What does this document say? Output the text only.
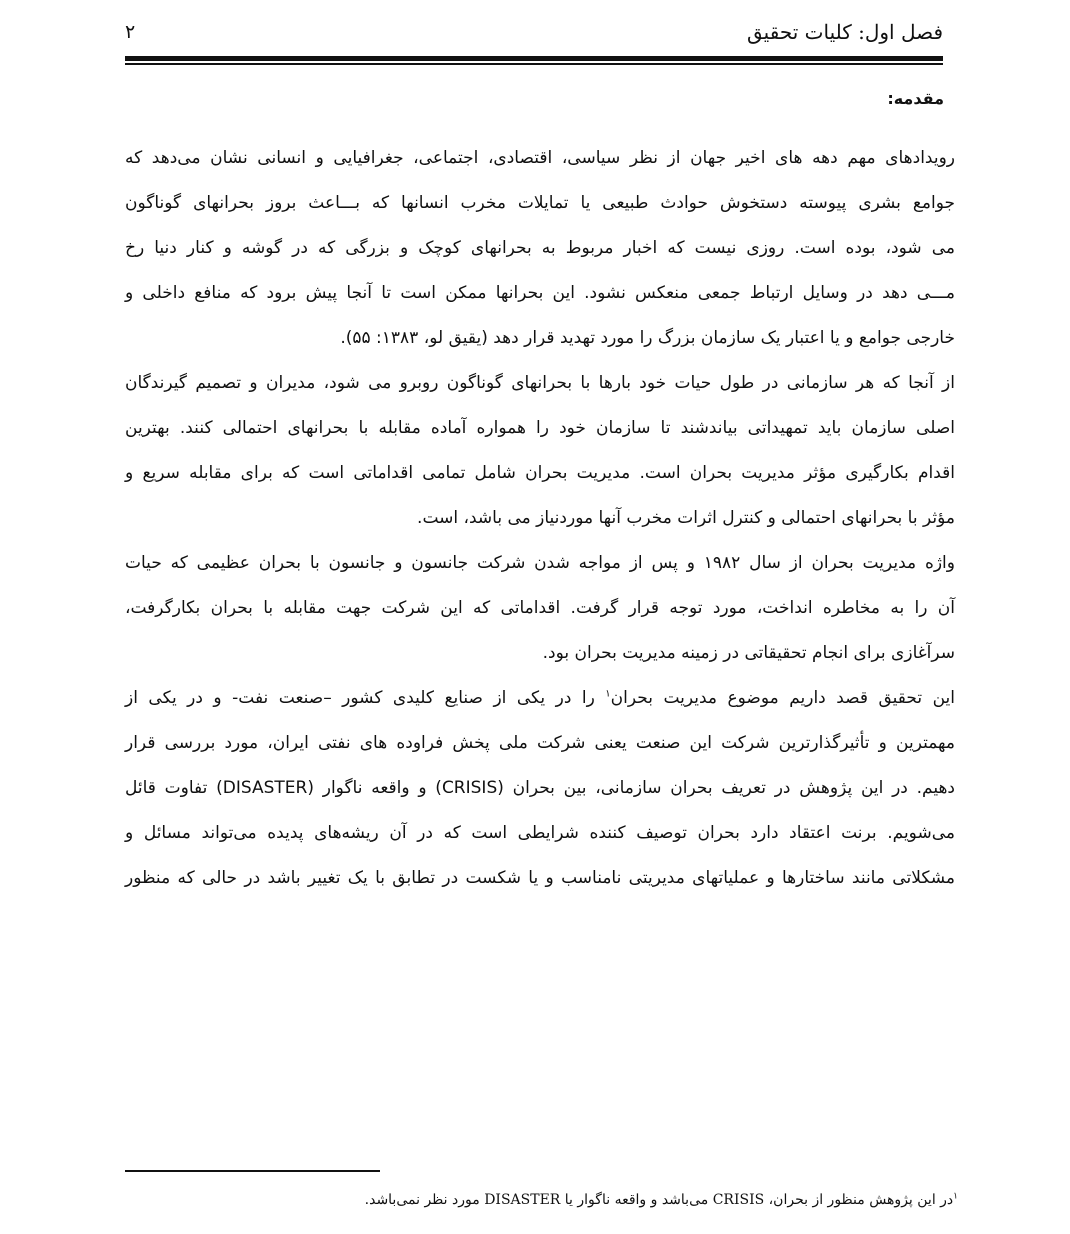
فصل اول: کلیات تحقیق
۲
مقدمه:
رویدادهای مهم دهه های اخیر جهان از نظر سیاسی، اقتصادی، اجتماعی، جغرافیایی و انسانی نشان می‌دهد که
جوامع بشری پیوسته دستخوش حوادث طبیعی یا تمایلات مخرب انسانها که بـــاعث بروز بحرانهای گوناگون
می شود، بوده است. روزی نیست که اخبار مربوط به بحرانهای کوچک و بزرگی که در گوشه و کنار دنیا رخ
مـــی دهد در وسایل ارتباط جمعی منعکس نشود. این بحرانها ممکن است تا آنجا پیش برود که منافع داخلی و
خارجی جوامع و یا اعتبار یک سازمان بزرگ را مورد تهدید قرار دهد (یقیق لو، ۱۳۸۳: ۵۵).
از آنجا که هر سازمانی در طول حیات خود بارها با بحرانهای گوناگون روبرو می شود، مدیران و تصمیم گیرندگان
اصلی سازمان باید تمهیداتی بیاندشند تا سازمان خود را همواره آماده مقابله با بحرانهای احتمالی کنند. بهترین
اقدام بکارگیری مؤثر مدیریت بحران است. مدیریت بحران شامل تمامی اقداماتی است که برای مقابله سریع و
مؤثر با بحرانهای احتمالی و کنترل اثرات مخرب آنها موردنیاز می باشد، است.
واژه مدیریت بحران از سال ۱۹۸۲ و پس از مواجه شدن شرکت جانسون و جانسون با بحران عظیمی که حیات
آن را به مخاطره انداخت، مورد توجه قرار گرفت. اقداماتی که این شرکت جهت مقابله با بحران بکارگرفت،
سرآغازی برای انجام تحقیقاتی در زمینه مدیریت بحران بود.
این تحقیق قصد داریم موضوع مدیریت بحران$^۱$ را در یکی از صنایع کلیدی کشور –صنعت نفت- و در یکی از
مهمترین و تأثیرگذارترین شرکت این صنعت یعنی شرکت ملی پخش فراوده های نفتی ایران، مورد بررسی قرار
دهیم. در این پژوهش در تعریف بحران سازمانی، بین بحران (CRISIS) و واقعه ناگوار (DISASTER) تفاوت قائل
می‌شویم. برنت اعتقاد دارد بحران توصیف کننده شرایطی است که در آن ریشه‌های پدیده می‌تواند مسائل و
مشکلاتی مانند ساختارها و عملیاتهای مدیریتی نامناسب و یا شکست در تطابق با یک تغییر باشد در حالی که منظور
$^۱$در این پژوهش منظور از بحران، CRISIS می‌باشد و واقعه ناگوار یا DISASTER مورد نظر نمی‌باشد.
